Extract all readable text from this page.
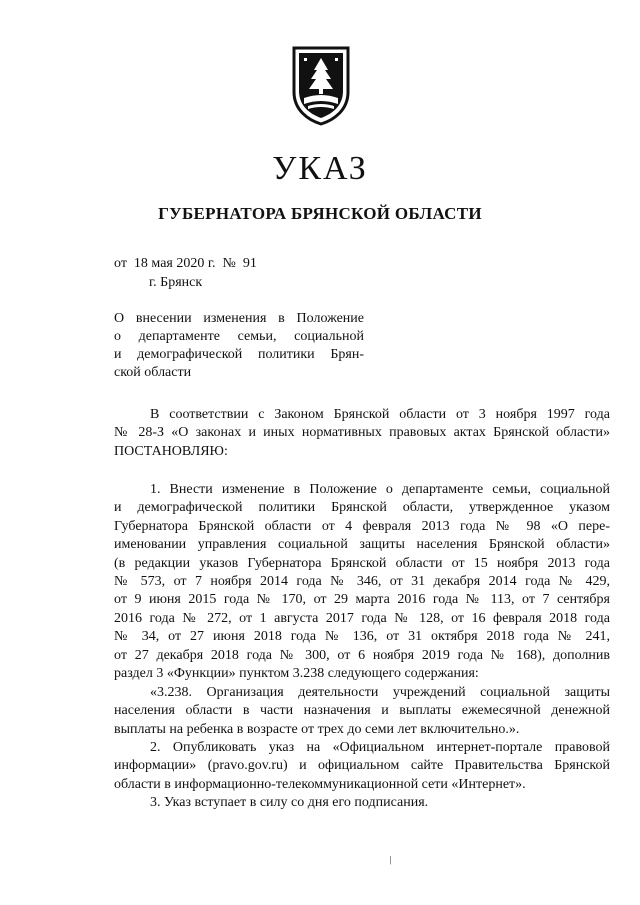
УКАЗ
ГУБЕРНАТОРА БРЯНСКОЙ ОБЛАСТИ
от  18 мая 2020 г.  №  91
г. Брянск
О внесении изменения в Положение
о департаменте семьи, социальной
и демографической политики Брян-
ской области
В соответствии с Законом Брянской области от 3 ноября 1997 года
№ 28-З «О законах и иных нормативных правовых актах Брянской области»
ПОСТАНОВЛЯЮ:
1. Внести изменение в Положение о департаменте семьи, социальной
и демографической политики Брянской области, утвержденное указом
Губернатора Брянской области от 4 февраля 2013 года № 98 «О пере-
именовании управления социальной защиты населения Брянской области»
(в редакции указов Губернатора Брянской области от 15 ноября 2013 года
№ 573, от 7 ноября 2014 года № 346, от 31 декабря 2014 года № 429,
от 9 июня 2015 года № 170, от 29 марта 2016 года № 113, от 7 сентября
2016 года № 272, от 1 августа 2017 года № 128, от 16 февраля 2018 года
№ 34, от 27 июня 2018 года № 136, от 31 октября 2018 года № 241,
от 27 декабря 2018 года № 300, от 6 ноября 2019 года № 168), дополнив
раздел 3 «Функции» пунктом 3.238 следующего содержания:
«3.238. Организация деятельности учреждений социальной защиты
населения области в части назначения и выплаты ежемесячной денежной
выплаты на ребенка в возрасте от трех до семи лет включительно.».
2. Опубликовать указ на «Официальном интернет-портале правовой
информации» (pravo.gov.ru) и официальном сайте Правительства Брянской
области в информационно-телекоммуникационной сети «Интернет».
3. Указ вступает в силу со дня его подписания.
/
